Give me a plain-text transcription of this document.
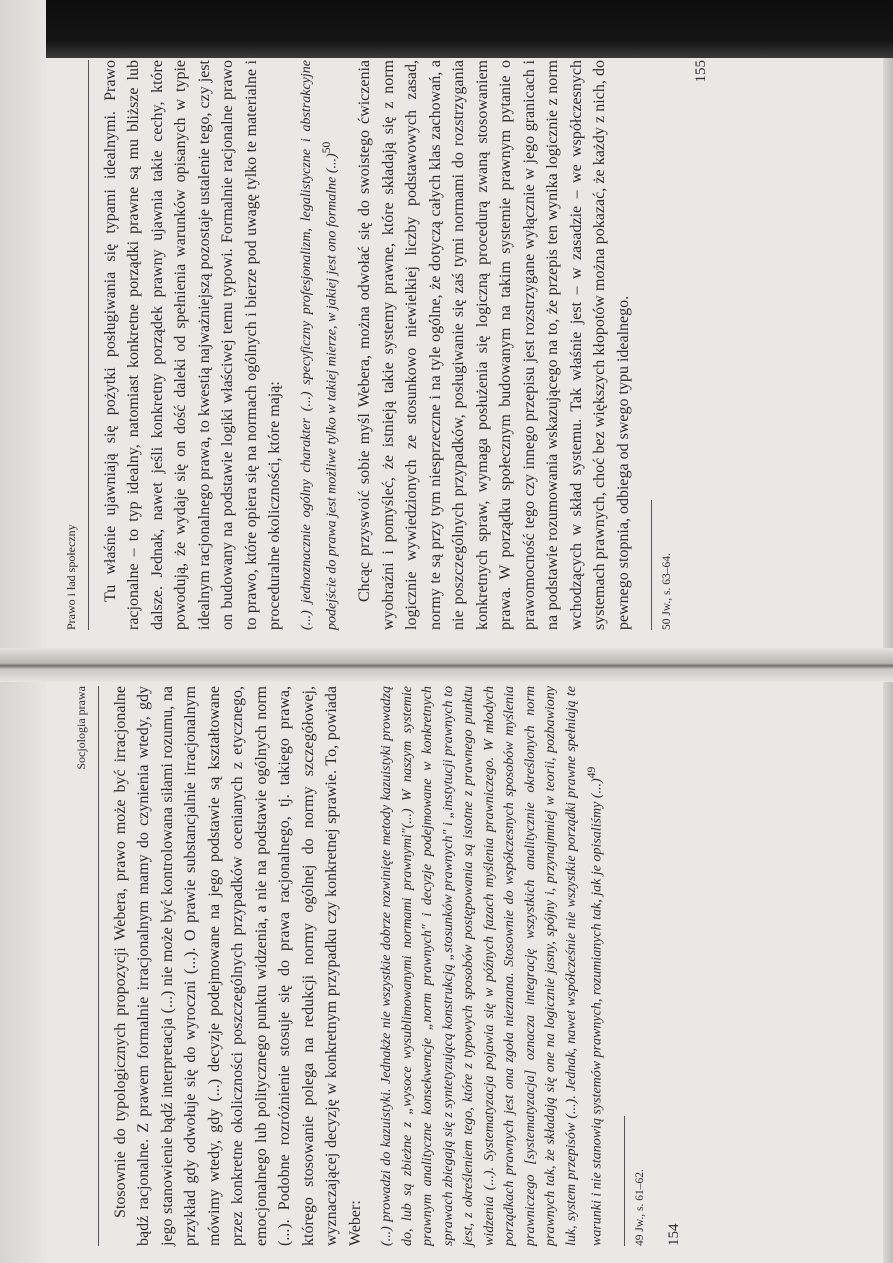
Prawo i ład społeczny	Tu właśnie ujawniają się pożytki posługiwania się typami idealnymi. Prawo racjonalne – to typ idealny, natomiast konkretne porządki prawne są mu bliższe lub dalsze. Jednak, nawet jeśli konkretny porządek prawny ujawnia takie cechy, które powodują, że wydaje się on dość daleki od spełnienia warunków opisanych w typie idealnym racjonalnego prawa, to kwestią najważniejszą pozostaje ustalenie tego, czy jest on budowany na podstawie logiki właściwej temu typowi. Formalnie racjonalne prawo to prawo, które opiera się na normach ogólnych i bierze pod uwagę tylko te materialne i proceduralne okoliczności, które mają: (...) jednoznacznie ogólny charakter (...) specyficzny profesjonalizm, legalistyczne i abstrakcyjne podejście do prawa jest możliwe tylko w takiej mierze, w jakiej jest ono formalne (...)$^{50}$	Chcąc przyswoić sobie myśl Webera, można odwołać się do swoistego ćwiczenia wyobraźni i pomyśleć, że istnieją takie systemy prawne, które składają się z norm logicznie wywiedzionych ze stosunkowo niewielkiej liczby podstawowych zasad, normy te są przy tym niesprzeczne i na tyle ogólne, że dotyczą całych klas zachowań, a nie poszczególnych przypadków, posługiwanie się zaś tymi normami do rozstrzygania konkretnych spraw, wymaga posłużenia się logiczną procedurą zwaną stosowaniem prawa. W porządku społecznym budowanym na takim systemie prawnym pytanie o prawomocność tego czy innego przepisu jest rozstrzygane wyłącznie w jego granicach i na podstawie rozumowania wskazującego na to, że przepis ten wynika logicznie z norm wchodzących w skład systemu. Tak właśnie jest – w zasadzie – we współczesnych systemach prawnych, choć bez większych kłopotów można pokazać, że każdy z nich, do pewnego stopnia, odbiega od swego typu idealnego.	50 Jw., s. 63–64.
155
Socjologia prawa	Stosownie do typologicznych propozycji Webera, prawo może być irracjonalne bądź racjonalne. Z prawem formalnie irracjonalnym mamy do czynienia wtedy, gdy jego stanowienie bądź interpretacja (...) nie może być kontrolowana siłami rozumu, na przykład gdy odwołuje się do wyroczni (...). O prawie substancjalnie irracjonalnym mówimy wtedy, gdy (...) decyzje podejmowane na jego podstawie są kształtowane przez konkretne okoliczności poszczególnych przypadków ocenianych z etycznego, emocjonalnego lub politycznego punktu widzenia, a nie na podstawie ogólnych norm (...). Podobne rozróżnienie stosuje się do prawa racjonalnego, tj. takiego prawa, którego stosowanie polega na redukcji normy ogólnej do normy szczegółowej, wyznaczającej decyzję w konkretnym przypadku czy konkretnej sprawie. To, powiada Weber: (...) prowadzi do kazuistyki. Jednakże nie wszystkie dobrze rozwinięte metody kazuistyki prowadzą do, lub są zbieżne z „wysoce wysublimowanymi normami prawnymi"(...) W naszym systemie prawnym analityczne konsekwencje „norm prawnych" i decyzje podejmowane w konkretnych sprawach zbiegają się z syntetyzującą konstrukcją „stosunków prawnych" i „instytucji prawnych to jest, z określeniem tego, które z typowych sposobów postępowania są istotne z prawnego punktu widzenia (...). Systematyzacja pojawia się w późnych fazach myślenia prawniczego. W młodych porządkach prawnych jest ona zgoła nieznana. Stosownie do współczesnych sposobów myślenia prawniczego [systematyzacja] oznacza integrację wszystkich analitycznie określonych norm prawnych tak, że składają się one na logicznie jasny, spójny i, przynajmniej w teorii, pozbawiony luk, system przepisów (...). Jednak, nawet współcześnie nie wszystkie porządki prawne spełniają te warunki i nie stanowią systemów prawnych, rozumianych tak, jak je opisaliśmy (...)$^{49}$
49 Jw., s. 61–62.	154
